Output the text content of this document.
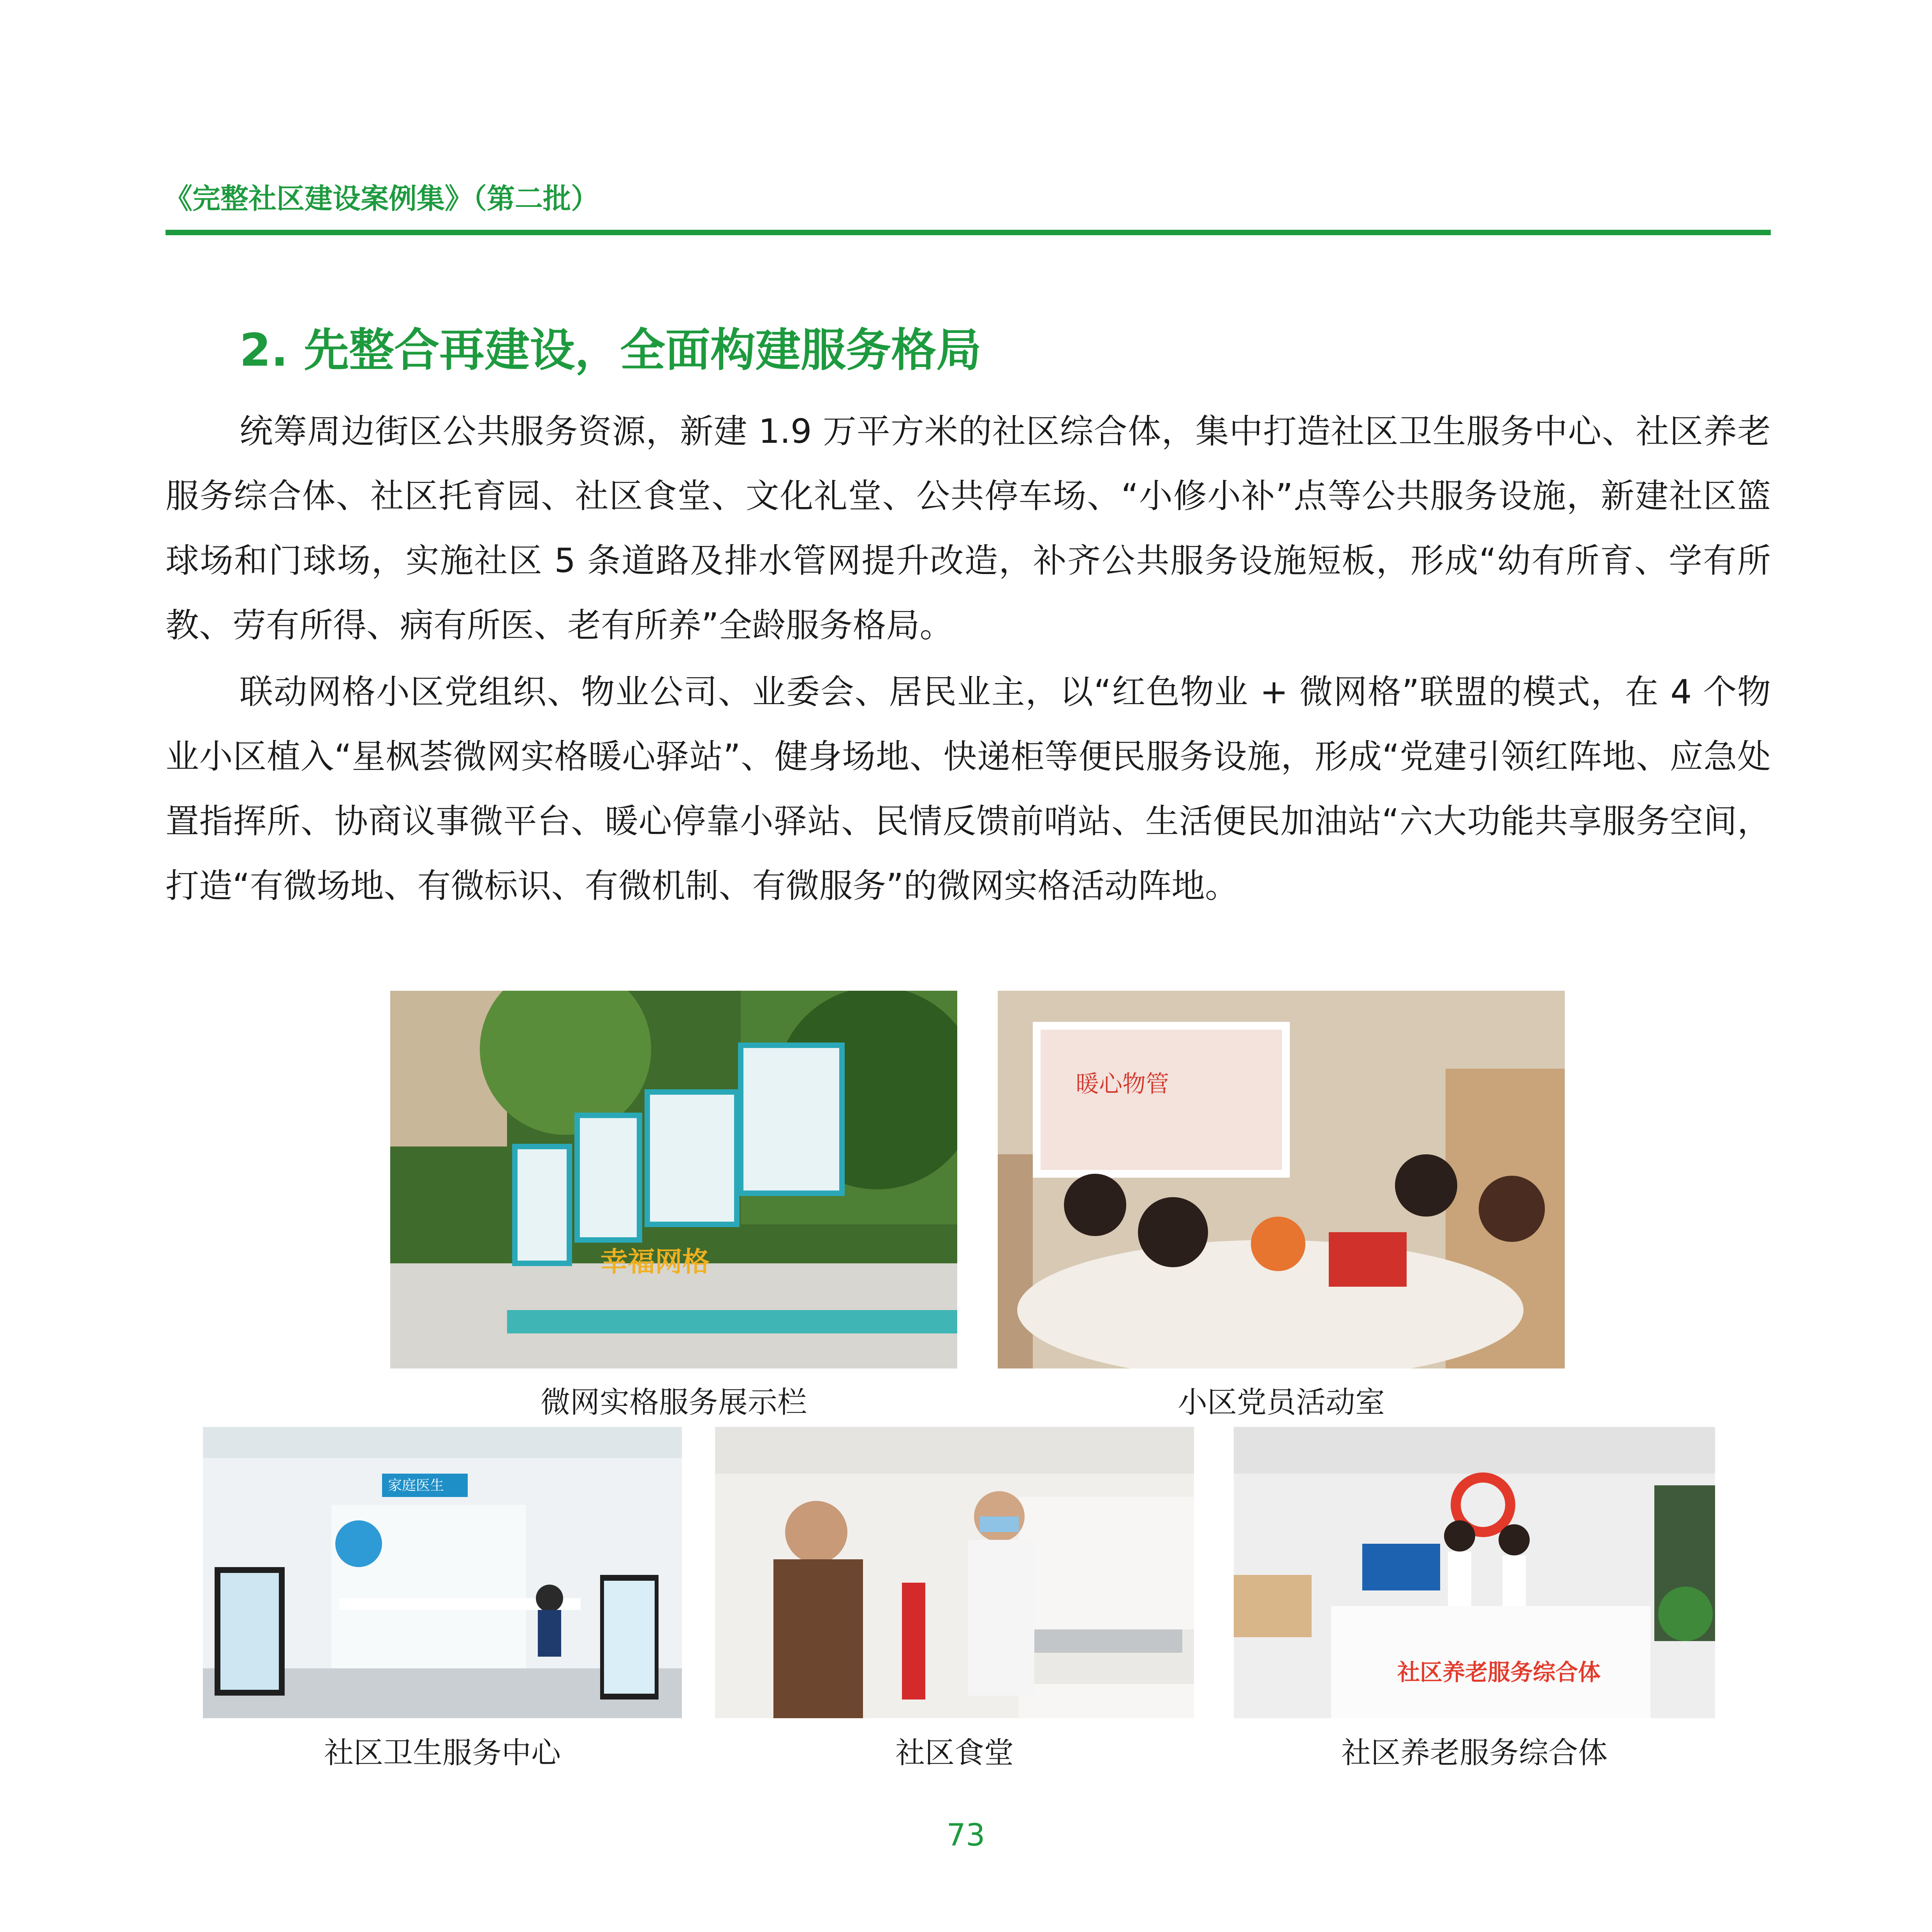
《完整社区建设案例集》（第二批）
2. 先整合再建设，全面构建服务格局

统筹周边街区公共服务资源，新建 1.9 万平方米的社区综合体，集中打造社区卫生服务中心、社区养老服务综合体、社区托育园、社区食堂、文化礼堂、公共停车场、“小修小补”点等公共服务设施，新建社区篮球场和门球场，实施社区 5 条道路及排水管网提升改造，补齐公共服务设施短板，形成“幼有所育、学有所教、劳有所得、病有所医、老有所养”全龄服务格局。

联动网格小区党组织、物业公司、业委会、居民业主，以“红色物业 + 微网格”联盟的模式，在 4 个物业小区植入“星枫荟微网实格暖心驿站”、健身场地、快递柜等便民服务设施，形成“党建引领红阵地、应急处置指挥所、协商议事微平台、暖心停靠小驿站、民情反馈前哨站、生活便民加油站“六大功能共享服务空间，打造“有微场地、有微标识、有微机制、有微服务”的微网实格活动阵地。

幸福网格
微网实格服务展示栏
暖心物管
小区党员活动室
家庭医生
社区卫生服务中心	社区食堂
社区养老服务综合体
社区养老服务综合体
73
